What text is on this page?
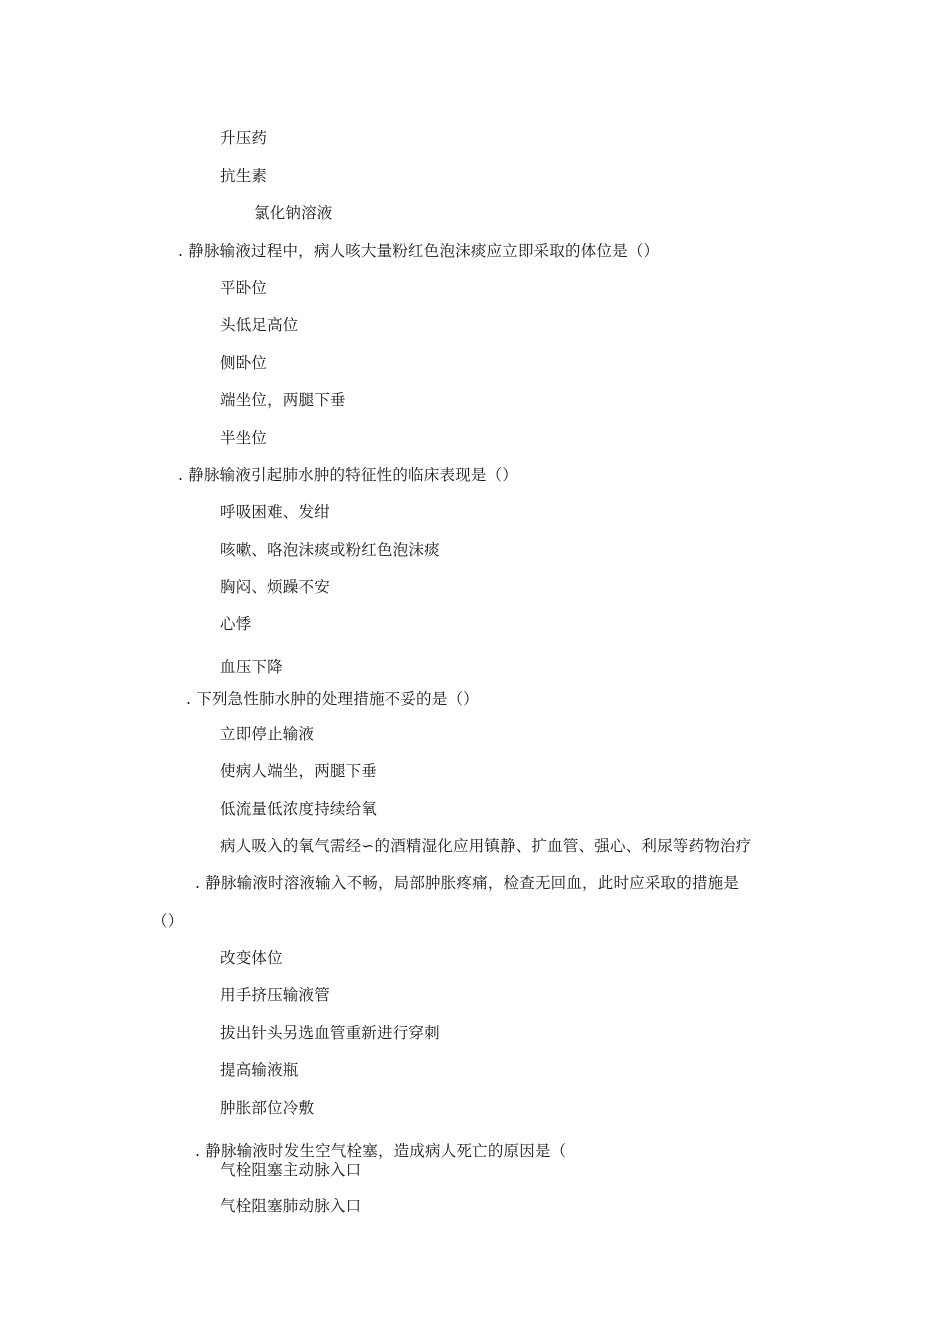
升压药
抗生素
氯化钠溶液
. 静脉输液过程中，病人咳大量粉红色泡沫痰应立即采取的体位是（）
平卧位
头低足高位
侧卧位
端坐位，两腿下垂
半坐位
. 静脉输液引起肺水肿的特征性的临床表现是（）
呼吸困难、发绀
咳嗽、咯泡沫痰或粉红色泡沫痰
胸闷、烦躁不安
心悸
血压下降
. 下列急性肺水肿的处理措施不妥的是（）
立即停止输液
使病人端坐，两腿下垂
低流量低浓度持续给氧
病人吸入的氧气需经∽的酒精湿化应用镇静、扩血管、强心、利尿等药物治疗
. 静脉输液时溶液输入不畅，局部肿胀疼痛，检查无回血，此时应采取的措施是
（）
改变体位
用手挤压输液管
拔出针头另选血管重新进行穿刺
提高输液瓶
肿胀部位冷敷
. 静脉输液时发生空气栓塞，造成病人死亡的原因是（
气栓阻塞主动脉入口
气栓阻塞肺动脉入口
